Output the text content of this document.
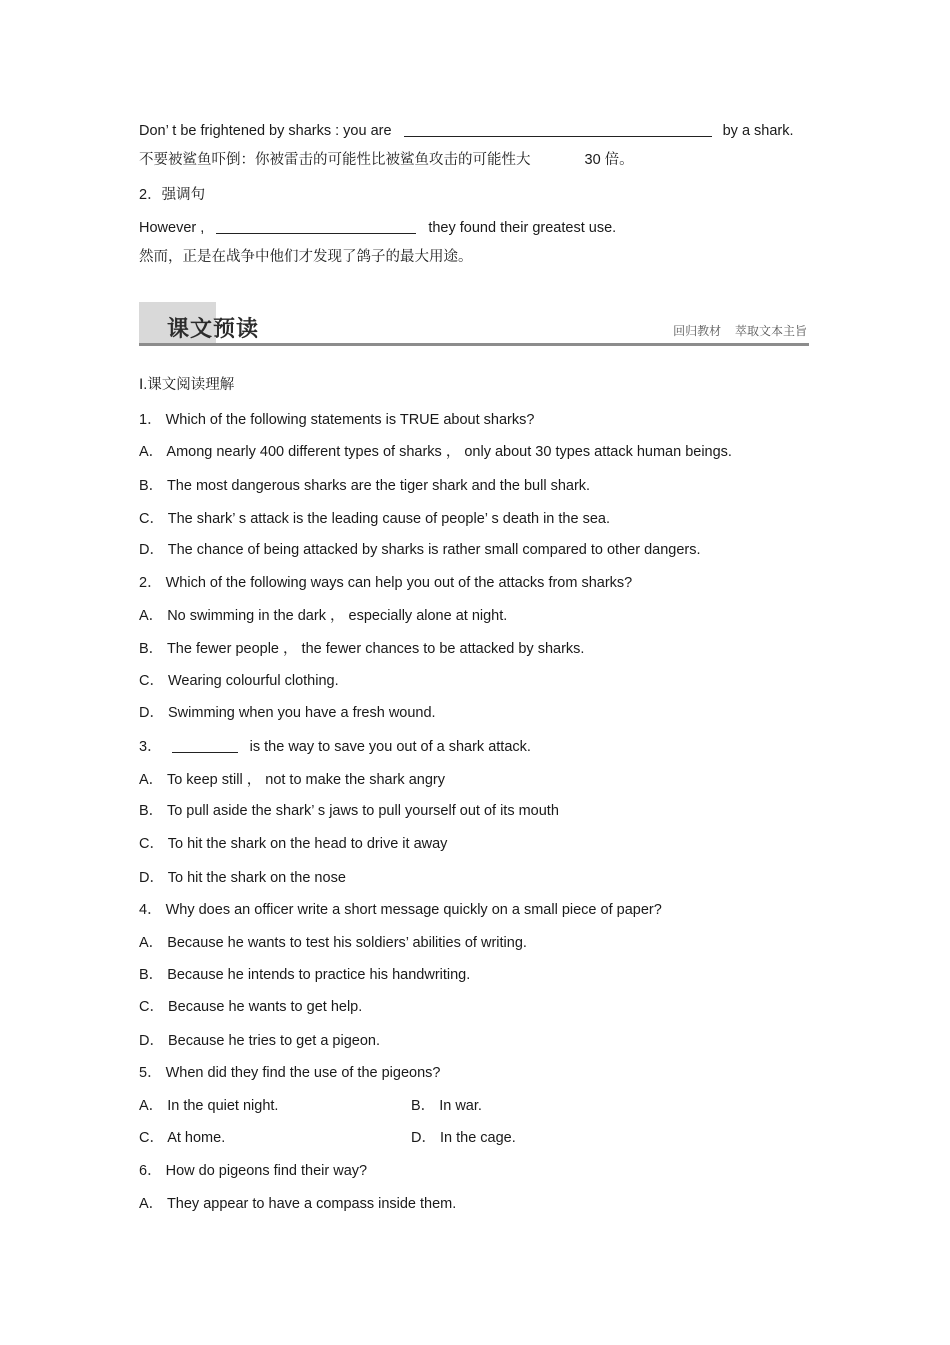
Don’ t be frightened by sharks : you are	by a shark.
不要被鲨鱼吓倒：你被雷击的可能性比被鲨鱼攻击的可能性大	30 倍。
2．强调句
However ,	they found their greatest use.
然而，正是在战争中他们才发现了鸽子的最大用途。
课文预读	回归教材 萃取文本主旨
Ⅰ.课文阅读理解
1． Which of the following statements is TRUE about sharks?
A． Among nearly 400 different types of sharks ， only about 30 types attack human beings.
B． The most dangerous sharks are the tiger shark and the bull shark.
C． The shark’ s attack is the leading cause of people’ s death in the sea.
D． The chance of being attacked by sharks is rather small compared to other dangers.
2． Which of the following ways can help you out of the attacks from sharks?
A． No swimming in the dark ， especially alone at night.
B． The fewer people ， the fewer chances to be attacked by sharks.
C． Wearing colourful clothing.
D． Swimming when you have a fresh wound.
3．	is the way to save you out of a shark attack.
A． To keep still ， not to make the shark angry
B． To pull aside the shark’ s jaws to pull yourself out of its mouth
C． To hit the shark on the head to drive it away
D． To hit the shark on the nose
4． Why does an officer write a short message quickly on a small piece of paper?
A． Because he wants to test his soldiers’ abilities of writing.
B． Because he intends to practice his handwriting.
C． Because he wants to get help.
D． Because he tries to get a pigeon.
5． When did they find the use of the pigeons?
A． In the quiet night.	B． In war.
C． At home.	D． In the cage.
6． How do pigeons find their way?
A． They appear to have a compass inside them.
